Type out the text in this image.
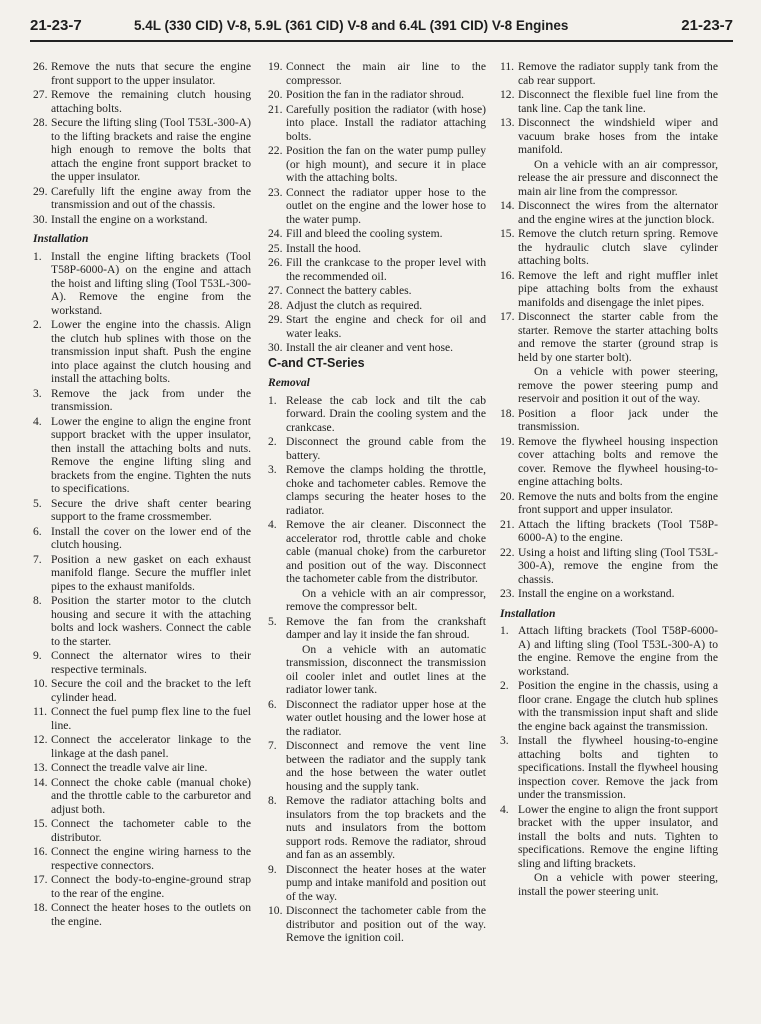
21-23-7	5.4L (330 CID) V-8, 5.9L (361 CID) V-8 and 6.4L (391 CID) V-8 Engines	21-23-7
26. Remove the nuts that secure the engine front support to the upper insulator.
27. Remove the remaining clutch housing attaching bolts.
28. Secure the lifting sling (Tool T53L-300-A) to the lifting brackets and raise the engine high enough to remove the bolts that attach the engine front support bracket to the upper insulator.
29. Carefully lift the engine away from the transmission and out of the chassis.
30. Install the engine on a workstand.
Installation
1. Install the engine lifting brackets (Tool T58P-6000-A) on the engine and attach the hoist and lifting sling (Tool T53L-300-A). Remove the engine from the workstand.
2. Lower the engine into the chassis. Align the clutch hub splines with those on the transmission input shaft. Push the engine into place against the clutch housing and install the attaching bolts.
3. Remove the jack from under the transmission.
4. Lower the engine to align the engine front support bracket with the upper insulator, then install the attaching bolts and nuts. Remove the engine lifting sling and brackets from the engine. Tighten the nuts to specifications.
5. Secure the drive shaft center bearing support to the frame crossmember.
6. Install the cover on the lower end of the clutch housing.
7. Position a new gasket on each exhaust manifold flange. Secure the muffler inlet pipes to the exhaust manifolds.
8. Position the starter motor to the clutch housing and secure it with the attaching bolts and lock washers. Connect the cable to the starter.
9. Connect the alternator wires to their respective terminals.
10. Secure the coil and the bracket to the left cylinder head.
11. Connect the fuel pump flex line to the fuel line.
12. Connect the accelerator linkage to the linkage at the dash panel.
13. Connect the treadle valve air line.
14. Connect the choke cable (manual choke) and the throttle cable to the carburetor and adjust both.
15. Connect the tachometer cable to the distributor.
16. Connect the engine wiring harness to the respective connectors.
17. Connect the body-to-engine-ground strap to the rear of the engine.
18. Connect the heater hoses to the outlets on the engine.
19. Connect the main air line to the compressor.
20. Position the fan in the radiator shroud.
21. Carefully position the radiator (with hose) into place. Install the radiator attaching bolts.
22. Position the fan on the water pump pulley (or high mount), and secure it in place with the attaching bolts.
23. Connect the radiator upper hose to the outlet on the engine and the lower hose to the water pump.
24. Fill and bleed the cooling system.
25. Install the hood.
26. Fill the crankcase to the proper level with the recommended oil.
27. Connect the battery cables.
28. Adjust the clutch as required.
29. Start the engine and check for oil and water leaks.
30. Install the air cleaner and vent hose.
C-and CT-Series
Removal
1. Release the cab lock and tilt the cab forward. Drain the cooling system and the crankcase.
2. Disconnect the ground cable from the battery.
3. Remove the clamps holding the throttle, choke and tachometer cables. Remove the clamps securing the heater hoses to the radiator.
4. Remove the air cleaner. Disconnect the accelerator rod, throttle cable and choke cable (manual choke) from the carburetor and position out of the way. Disconnect the tachometer cable from the distributor.
On a vehicle with an air compressor, remove the compressor belt.
5. Remove the fan from the crankshaft damper and lay it inside the fan shroud.
On a vehicle with an automatic transmission, disconnect the transmission oil cooler inlet and outlet lines at the radiator lower tank.
6. Disconnect the radiator upper hose at the water outlet housing and the lower hose at the radiator.
7. Disconnect and remove the vent line between the radiator and the supply tank and the hose between the water outlet housing and the supply tank.
8. Remove the radiator attaching bolts and insulators from the top brackets and the nuts and insulators from the bottom support rods. Remove the radiator, shroud and fan as an assembly.
9. Disconnect the heater hoses at the water pump and intake manifold and position out of the way.
10. Disconnect the tachometer cable from the distributor and position out of the way. Remove the ignition coil.
11. Remove the radiator supply tank from the cab rear support.
12. Disconnect the flexible fuel line from the tank line. Cap the tank line.
13. Disconnect the windshield wiper and vacuum brake hoses from the intake manifold.
On a vehicle with an air compressor, release the air pressure and disconnect the main air line from the compressor.
14. Disconnect the wires from the alternator and the engine wires at the junction block.
15. Remove the clutch return spring. Remove the hydraulic clutch slave cylinder attaching bolts.
16. Remove the left and right muffler inlet pipe attaching bolts from the exhaust manifolds and disengage the inlet pipes.
17. Disconnect the starter cable from the starter. Remove the starter attaching bolts and remove the starter (ground strap is held by one starter bolt).
On a vehicle with power steering, remove the power steering pump and reservoir and position it out of the way.
18. Position a floor jack under the transmission.
19. Remove the flywheel housing inspection cover attaching bolts and remove the cover. Remove the flywheel housing-to-engine attaching bolts.
20. Remove the nuts and bolts from the engine front support and upper insulator.
21. Attach the lifting brackets (Tool T58P-6000-A) to the engine.
22. Using a hoist and lifting sling (Tool T53L-300-A), remove the engine from the chassis.
23. Install the engine on a workstand.
Installation
1. Attach lifting brackets (Tool T58P-6000-A) and lifting sling (Tool T53L-300-A) to the engine. Remove the engine from the workstand.
2. Position the engine in the chassis, using a floor crane. Engage the clutch hub splines with the transmission input shaft and slide the engine back against the transmission.
3. Install the flywheel housing-to-engine attaching bolts and tighten to specifications. Install the flywheel housing inspection cover. Remove the jack from under the transmission.
4. Lower the engine to align the front support bracket with the upper insulator, and install the bolts and nuts. Tighten to specifications. Remove the engine lifting sling and lifting brackets.
On a vehicle with power steering, install the power steering unit.
